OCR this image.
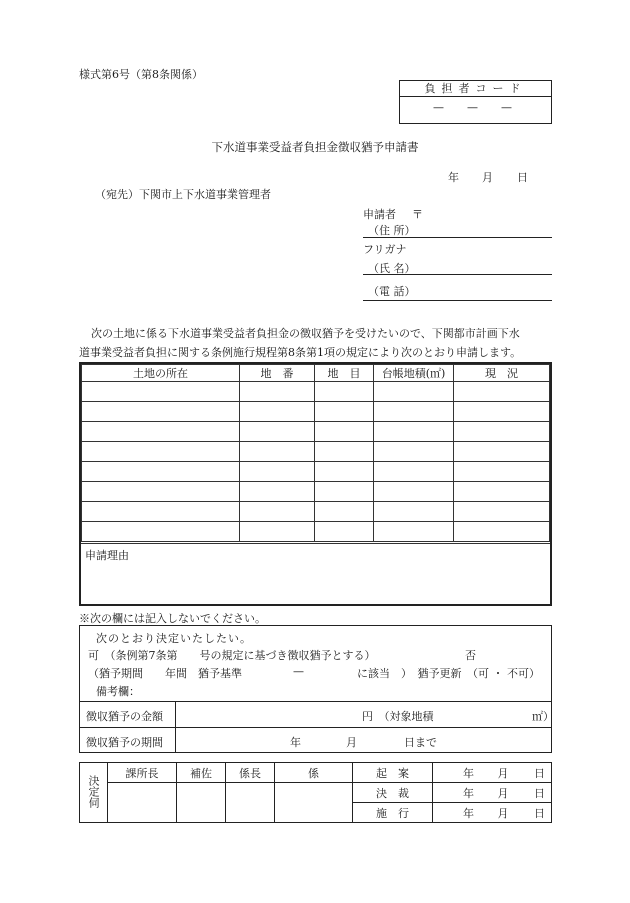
様式第6号（第8条関係）
負担者コード
—　—　—
下水道事業受益者負担金徴収猶予申請書
年 月 日
（宛先）下関市上下水道事業管理者
申請者 〒
（住 所）
フリガナ
（氏 名）
（電 話）
次の土地に係る下水道事業受益者負担金の徴収猶予を受けたいので、下関都市計画下水
道事業受益者負担に関する条例施行規程第8条第1項の規定により次のとおり申請します。
土地の所在	地　番	地　目	台帳地積(㎡)	現　況

申請理由
※次の欄には記入しないでください。
次のとおり決定いたしたい。
可　（条例第7条第　　号の規定に基づき徴収猶予とする）	否
（猶予期間　　年間　猶予基準	—	に該当　）　猶予更新　（可 ・ 不可）
備考欄：
徴収猶予の金額	円　（対象地積	㎡）
徴収猶予の期間	年	月	日まで
決定伺	課所長	補佐	係長	係	起　案	年 月 日
					決　裁	年 月 日
					施　行	年 月 日
